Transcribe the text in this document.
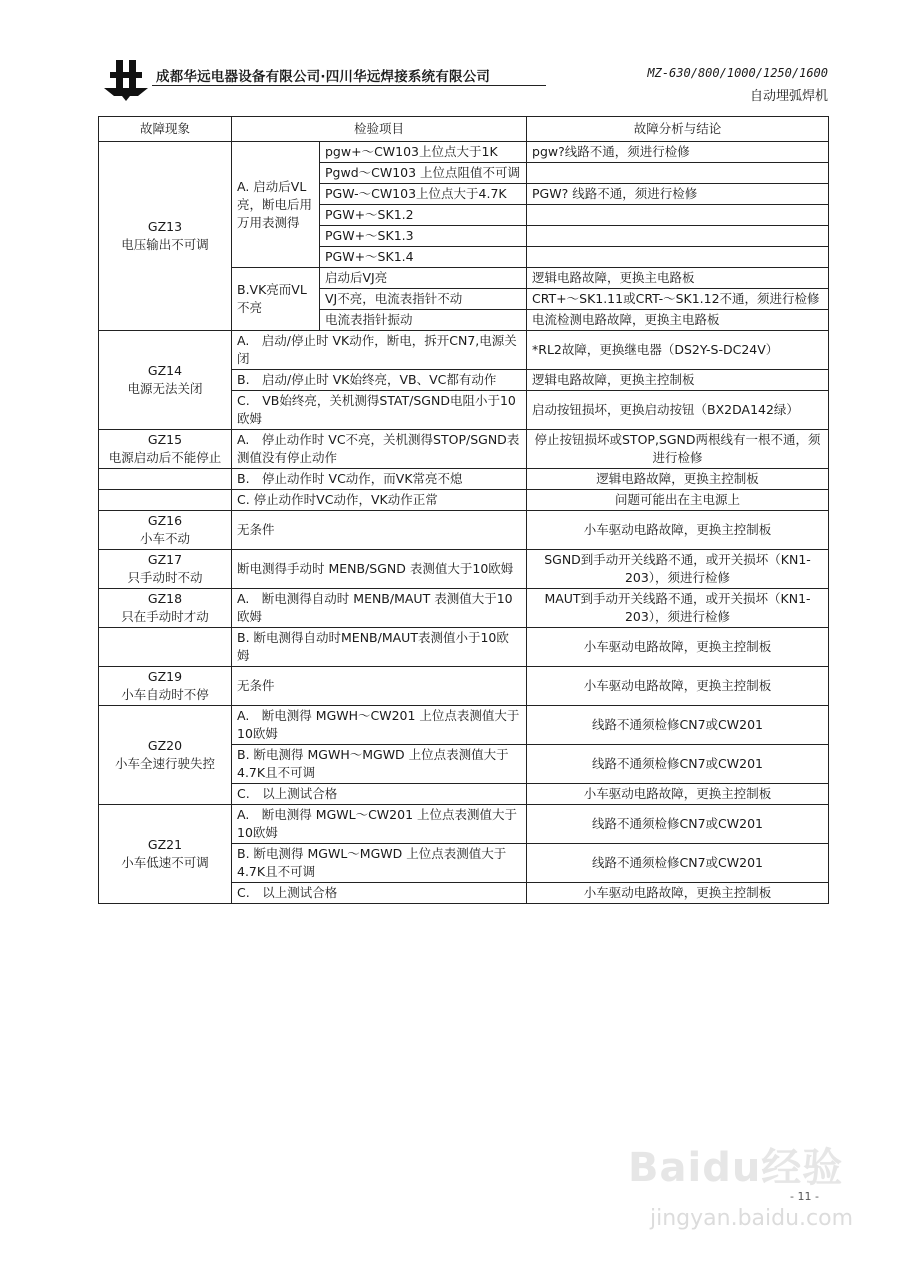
成都华远电器设备有限公司·四川华远焊接系统有限公司	MZ-630/800/1000/1250/1600
自动埋弧焊机
故障现象	检验项目		故障分析与结论

GZ13
电压输出不可调	A. 启动后VL亮，断电后用万用表测得	pgw+～CW103上位点大于1K	pgw?线路不通，须进行检修
		Pgwd～CW103 上位点阻值不可调	
		PGW-～CW103上位点大于4.7K	PGW? 线路不通，须进行检修
		PGW+～SK1.2	
		PGW+～SK1.3	
		PGW+～SK1.4	
	B.VK亮而VL不亮	启动后VJ亮	逻辑电路故障，更换主电路板
		VJ不亮，电流表指针不动	CRT+～SK1.11或CRT-～SK1.12不通，须进行检修
		电流表指针振动	电流检测电路故障，更换主电路板

GZ14
电源无法关闭	A.　启动/停止时 VK动作，断电，拆开CN7,电源关闭		*RL2故障，更换继电器（DS2Y-S-DC24V）
	B.　启动/停止时 VK始终亮，VB、VC都有动作		逻辑电路故障，更换主控制板
	C.　VB始终亮，关机测得STAT/SGND电阻小于10欧姆		启动按钮损坏，更换启动按钮（BX2DA142绿）

GZ15
电源启动后不能停止	A.　停止动作时 VC不亮，关机测得STOP/SGND表测值没有停止动作		停止按钮损坏或STOP,SGND两根线有一根不通，须进行检修
	B.　停止动作时 VC动作，而VK常亮不熄		逻辑电路故障，更换主控制板
	C. 停止动作时VC动作，VK动作正常		问题可能出在主电源上

GZ16
小车不动	无条件		小车驱动电路故障，更换主控制板

GZ17
只手动时不动	断电测得手动时 MENB/SGND 表测值大于10欧姆		SGND到手动开关线路不通，或开关损坏（KN1-203），须进行检修

GZ18
只在手动时才动	A.　断电测得自动时 MENB/MAUT 表测值大于10欧姆		MAUT到手动开关线路不通，或开关损坏（KN1-203），须进行检修
	B. 断电测得自动时MENB/MAUT表测值小于10欧姆		小车驱动电路故障，更换主控制板

GZ19
小车自动时不停	无条件		小车驱动电路故障，更换主控制板

GZ20
小车全速行驶失控	A.　断电测得 MGWH～CW201 上位点表测值大于10欧姆		线路不通须检修CN7或CW201
	B. 断电测得 MGWH～MGWD 上位点表测值大于4.7K且不可调		线路不通须检修CN7或CW201
	C.　以上测试合格		小车驱动电路故障，更换主控制板

GZ21
小车低速不可调	A.　断电测得 MGWL～CW201 上位点表测值大于10欧姆		线路不通须检修CN7或CW201
	B. 断电测得 MGWL～MGWD 上位点表测值大于4.7K且不可调		线路不通须检修CN7或CW201
	C.　以上测试合格		小车驱动电路故障，更换主控制板
Baidu经验
jingyan.baidu.com
- 11 -
